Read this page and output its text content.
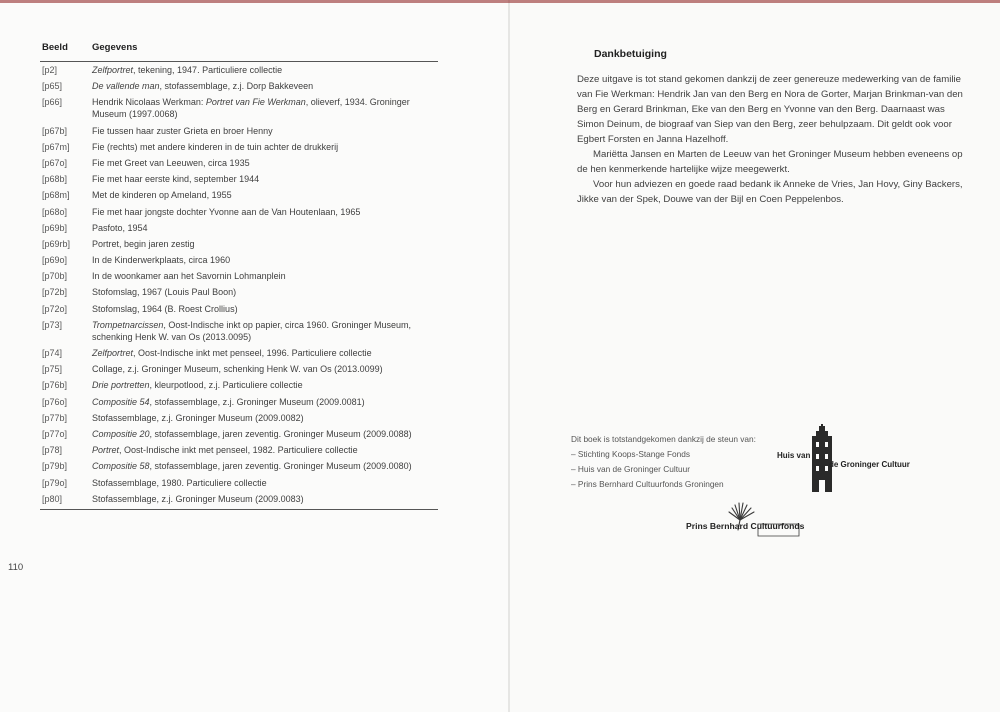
Beeld	Gegevens
[p2]	Zelfportret, tekening, 1947. Particuliere collectie
[p65]	De vallende man, stofassemblage, z.j. Dorp Bakkeveen
[p66]	Hendrik Nicolaas Werkman: Portret van Fie Werkman, olieverf, 1934. Groninger Museum (1997.0068)
[p67b]	Fie tussen haar zuster Grieta en broer Henny
[p67m]	Fie (rechts) met andere kinderen in de tuin achter de drukkerij
[p67o]	Fie met Greet van Leeuwen, circa 1935
[p68b]	Fie met haar eerste kind, september 1944
[p68m]	Met de kinderen op Ameland, 1955
[p68o]	Fie met haar jongste dochter Yvonne aan de Van Houtenlaan, 1965
[p69b]	Pasfoto, 1954
[p69rb]	Portret, begin jaren zestig
[p69o]	In de Kinderwerkplaats, circa 1960
[p70b]	In de woonkamer aan het Savornin Lohmanplein
[p72b]	Stofomslag, 1967 (Louis Paul Boon)
[p72o]	Stofomslag, 1964 (B. Roest Crollius)
[p73]	Trompetnarcissen, Oost-Indische inkt op papier, circa 1960. Groninger Museum, schenking Henk W. van Os (2013.0095)
[p74]	Zelfportret, Oost-Indische inkt met penseel, 1996. Particuliere collectie
[p75]	Collage, z.j. Groninger Museum, schenking Henk W. van Os (2013.0099)
[p76b]	Drie portretten, kleurpotlood, z.j. Particuliere collectie
[p76o]	Compositie 54, stofassemblage, z.j. Groninger Museum (2009.0081)
[p77b]	Stofassemblage, z.j. Groninger Museum (2009.0082)
[p77o]	Compositie 20, stofassemblage, jaren zeventig. Groninger Museum (2009.0088)
[p78]	Portret, Oost-Indische inkt met penseel, 1982. Particuliere collectie
[p79b]	Compositie 58, stofassemblage, jaren zeventig. Groninger Museum (2009.0080)
[p79o]	Stofassemblage, 1980. Particuliere collectie
[p80]	Stofassemblage, z.j. Groninger Museum (2009.0083)
110
Dankbetuiging

Deze uitgave is tot stand gekomen dankzij de zeer genereuze medewerking van de familie van Fie Werkman: Hendrik Jan van den Berg en Nora de Gorter, Marjan Brinkman-van den Berg en Gerard Brinkman, Eke van den Berg en Yvonne van den Berg. Daarnaast was Simon Deinum, de biograaf van Siep van den Berg, zeer behulpzaam. Dit geldt ook voor Egbert Forsten en Janna Hazelhoff.

Mariëtta Jansen en Marten de Leeuw van het Groninger Museum hebben eveneens op de hen kenmerkende hartelijke wijze meegewerkt.

Voor hun adviezen en goede raad bedank ik Anneke de Vries, Jan Hovy, Giny Backers, Jikke van der Spek, Douwe van der Bijl en Coen Peppelenbos.

Dit boek is totstandgekomen dankzij de steun van:
– Stichting Koops-Stange Fonds
– Huis van de Groninger Cultuur
– Prins Bernhard Cultuurfonds Groningen
Huis van
de Groninger Cultuur
Prins Bernhard Cultuurfonds
